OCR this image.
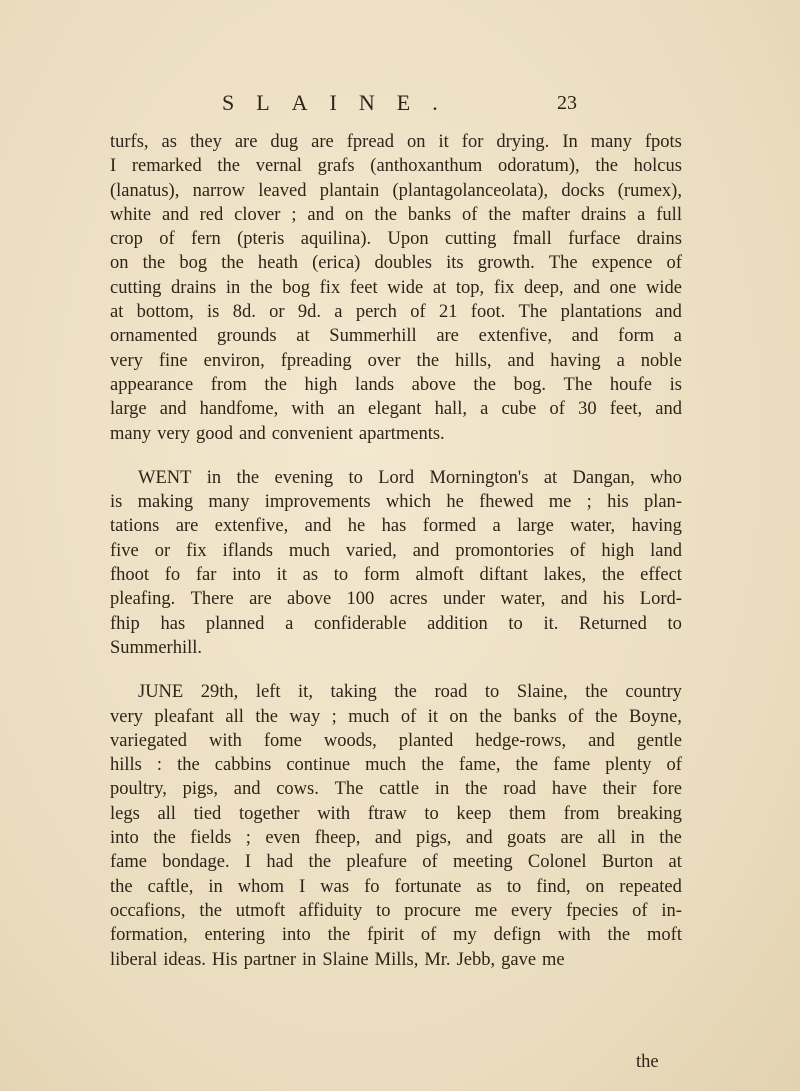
SLAINE.	23
turfs, as they are dug are fpread on it for drying. In many fpots
I remarked the vernal grafs (anthoxanthum odoratum), the holcus
(lanatus), narrow leaved plantain (plantagolanceolata), docks (rumex),
white and red clover ; and on the banks of the mafter drains a full
crop of fern (pteris aquilina). Upon cutting fmall furface drains
on the bog the heath (erica) doubles its growth. The expence of
cutting drains in the bog fix feet wide at top, fix deep, and one wide
at bottom, is 8d. or 9d. a perch of 21 foot. The plantations and
ornamented grounds at Summerhill are extenfive, and form a
very fine environ, fpreading over the hills, and having a noble
appearance from the high lands above the bog. The houfe is
large and handfome, with an elegant hall, a cube of 30 feet, and
many very good and convenient apartments.
WENT in the evening to Lord Mornington's at Dangan, who
is making many improvements which he fhewed me ; his plan-
tations are extenfive, and he has formed a large water, having
five or fix iflands much varied, and promontories of high land
fhoot fo far into it as to form almoft diftant lakes, the effect
pleafing. There are above 100 acres under water, and his Lord-
fhip has planned a confiderable addition to it. Returned to
Summerhill.
JUNE 29th, left it, taking the road to Slaine, the country
very pleafant all the way ; much of it on the banks of the Boyne,
variegated with fome woods, planted hedge-rows, and gentle
hills : the cabbins continue much the fame, the fame plenty of
poultry, pigs, and cows. The cattle in the road have their fore
legs all tied together with ftraw to keep them from breaking
into the fields ; even fheep, and pigs, and goats are all in the
fame bondage. I had the pleafure of meeting Colonel Burton at
the caftle, in whom I was fo fortunate as to find, on repeated
occafions, the utmoft affiduity to procure me every fpecies of in-
formation, entering into the fpirit of my defign with the moft
liberal ideas. His partner in Slaine Mills, Mr. Jebb, gave me
the
